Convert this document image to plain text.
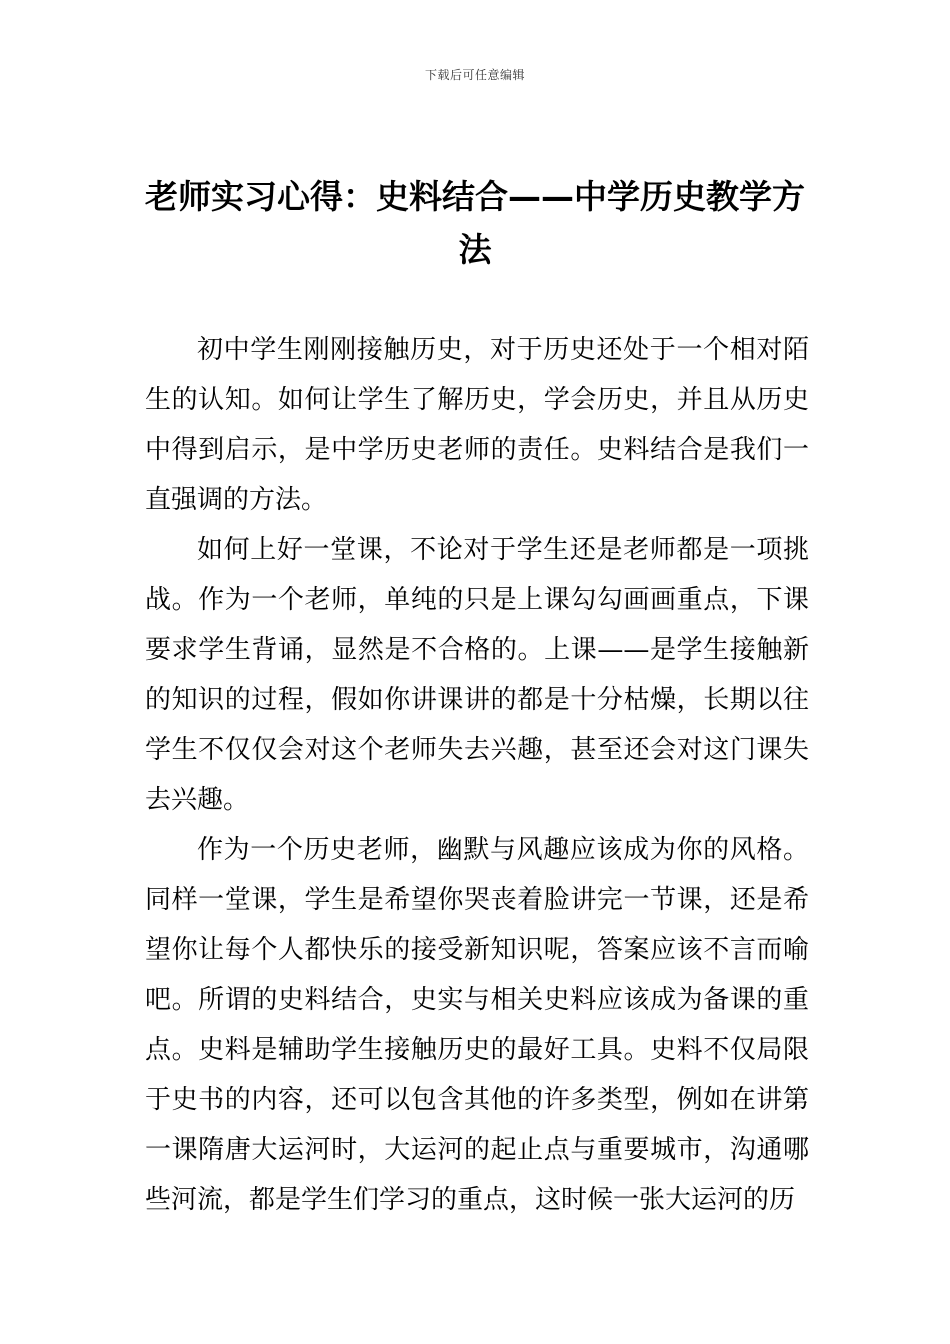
下载后可任意编辑
老师实习心得：史料结合——中学历史教学方法

初中学生刚刚接触历史，对于历史还处于一个相对陌生的认知。如何让学生了解历史，学会历史，并且从历史中得到启示，是中学历史老师的责任。史料结合是我们一直强调的方法。

如何上好一堂课，不论对于学生还是老师都是一项挑战。作为一个老师，单纯的只是上课勾勾画画重点，下课要求学生背诵，显然是不合格的。上课——是学生接触新的知识的过程，假如你讲课讲的都是十分枯燥，长期以往学生不仅仅会对这个老师失去兴趣，甚至还会对这门课失去兴趣。

作为一个历史老师，幽默与风趣应该成为你的风格。同样一堂课，学生是希望你哭丧着脸讲完一节课，还是希望你让每个人都快乐的接受新知识呢，答案应该不言而喻吧。所谓的史料结合，史实与相关史料应该成为备课的重点。史料是辅助学生接触历史的最好工具。史料不仅局限于史书的内容，还可以包含其他的许多类型，例如在讲第一课隋唐大运河时，大运河的起止点与重要城市，沟通哪些河流，都是学生们学习的重点，这时候一张大运河的历
